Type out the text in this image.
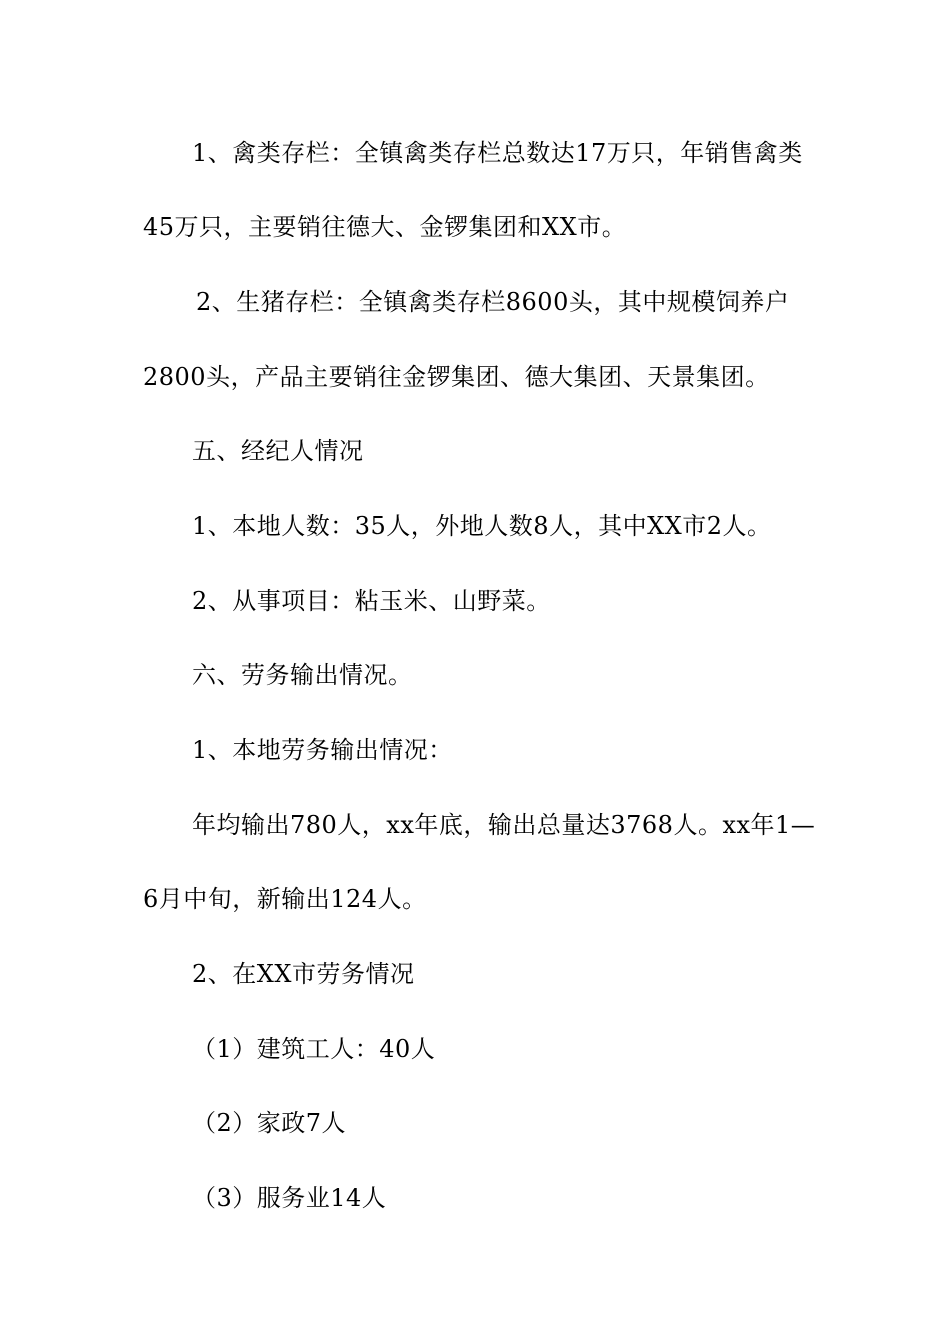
1、禽类存栏：全镇禽类存栏总数达17万只，年销售禽类
45万只，主要销往德大、金锣集团和XX市。
2、生猪存栏：全镇禽类存栏8600头，其中规模饲养户
2800头，产品主要销往金锣集团、德大集团、天景集团。
五、经纪人情况
1、本地人数：35人，外地人数8人，其中XX市2人。
2、从事项目：粘玉米、山野菜。
六、劳务输出情况。
1、本地劳务输出情况：
年均输出780人，xx年底，输出总量达3768人。xx年1—
6月中旬，新输出124人。
2、在XX市劳务情况
（1）建筑工人：40人
（2）家政7人
（3）服务业14人
